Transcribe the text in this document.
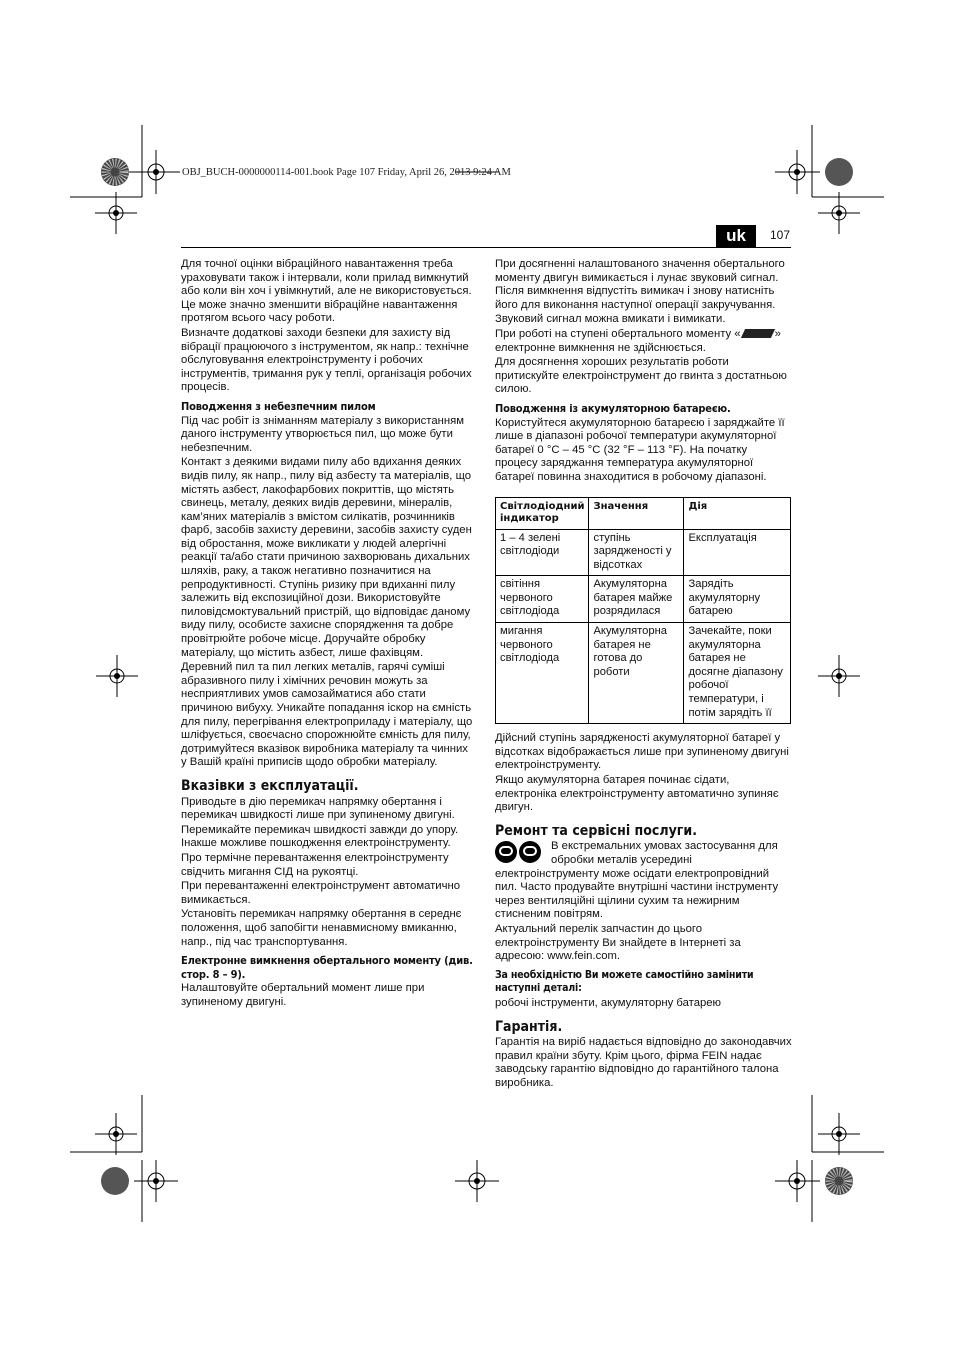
OBJ_BUCH-0000000114-001.book Page 107 Friday, April 26, 2013 9:24 AM
uk	107

Для точної оцінки вібраційного навантаження треба ураховувати також і інтервали, коли прилад вимкнутий або коли він хоч і увімкнутий, але не використовується. Це може значно зменшити вібраційне навантаження протягом всього часу роботи.

Визначте додаткові заходи безпеки для захисту від вібрації працюючого з інструментом, як напр.: технічне обслуговування електроінструменту і робочих інструментів, тримання рук у теплі, організація робочих процесів.

Поводження з небезпечним пилом

Під час робіт із зніманням матеріалу з використанням даного інструменту утворюється пил, що може бути небезпечним.

Контакт з деякими видами пилу або вдихання деяких видів пилу, як напр., пилу від азбесту та матеріалів, що містять азбест, лакофарбових покриттів, що містять свинець, металу, деяких видів деревини, мінералів, кам’яних матеріалів з вмістом силікатів, розчинників фарб, засобів захисту деревини, засобів захисту суден від обростання, може викликати у людей алергічні реакції та/або стати причиною захворювань дихальних шляхів, раку, а також негативно позначитися на репродуктивності. Ступінь ризику при вдиханні пилу залежить від експозиційної дози. Використовуйте пиловідсмоктувальний пристрій, що відповідає даному виду пилу, особисте захисне спорядження та добре провітрюйте робоче місце. Доручайте обробку матеріалу, що містить азбест, лише фахівцям.

Деревний пил та пил легких металів, гарячі суміші абразивного пилу і хімічних речовин можуть за несприятливих умов самозайматися або стати причиною вибуху. Уникайте попадання іскор на ємність для пилу, перегрівання електроприладу і матеріалу, що шліфується, своєчасно спорожнюйте ємність для пилу, дотримуйтеся вказівок виробника матеріалу та чинних у Вашій країні приписів щодо обробки матеріалу.

Вказівки з експлуатації.

Приводьте в дію перемикач напрямку обертання і перемикач швидкості лише при зупиненому двигуні.

Перемикайте перемикач швидкості завжди до упору. Інакше можливе пошкодження електроінструменту.

Про термічне перевантаження електроінструменту свідчить мигання СІД на рукоятці.

При перевантаженні електроінструмент автоматично вимикається.

Установіть перемикач напрямку обертання в середнє положення, щоб запобігти ненавмисному вмиканню, напр., під час транспортування.

Електронне вимкнення обертального моменту (див. стор. 8 – 9).

Налаштовуйте обертальний момент лише при зупиненому двигуні.

При досягненні налаштованого значення обертального моменту двигун вимикається і лунає звуковий сигнал. Після вимкнення відпустіть вимикач і знову натисніть його для виконання наступної операції закручування.

Звуковий сигнал можна вмикати і вимикати.

При роботі на ступені обертального моменту «	» електронне вимкнення не здійснюється.

Для досягнення хороших результатів роботи притискуйте електроінструмент до гвинта з достатньою силою.

Поводження із акумуляторною батареєю.

Користуйтеся акумуляторною батареєю і заряджайте її лише в діапазоні робочої температури акумуляторної батареї 0 °C – 45 °C (32 °F – 113 °F). На початку процесу заряджання температура акумуляторної батареї повинна знаходитися в робочому діапазоні.

Світлодіодний індикатор	Значення	Дія
1 – 4 зелені світлодіоди	ступінь зарядженості у відсотках	Експлуатація
світіння червоного світлодіода	Акумуляторна батарея майже розрядилася	Зарядіть акумуляторну батарею
мигання червоного світлодіода	Акумуляторна батарея не готова до роботи	Зачекайте, поки акумуляторна батарея не досягне діапазону робочої температури, і потім зарядіть її

Дійсний ступінь зарядженості акумуляторної батареї у відсотках відображається лише при зупиненому двигуні електроінструменту.

Якщо акумуляторна батарея починає сідати, електроніка електроінструменту автоматично зупиняє двигун.

Ремонт та сервісні послуги.

В екстремальних умовах застосування для обробки металів усередині електроінструменту може осідати електропровідний пил. Часто продувайте внутрішні частини інструменту через вентиляційні щілини сухим та нежирним стисненим повітрям.

Актуальний перелік запчастин до цього електроінструменту Ви знайдете в Інтернеті за адресою: www.fein.com.

За необхідністю Ви можете самостійно замінити наступні деталі:

робочі інструменти, акумуляторну батарею

Гарантія.

Гарантія на виріб надається відповідно до законодавчих правил країни збуту. Крім цього, фірма FEIN надає заводську гарантію відповідно до гарантійного талона виробника.
